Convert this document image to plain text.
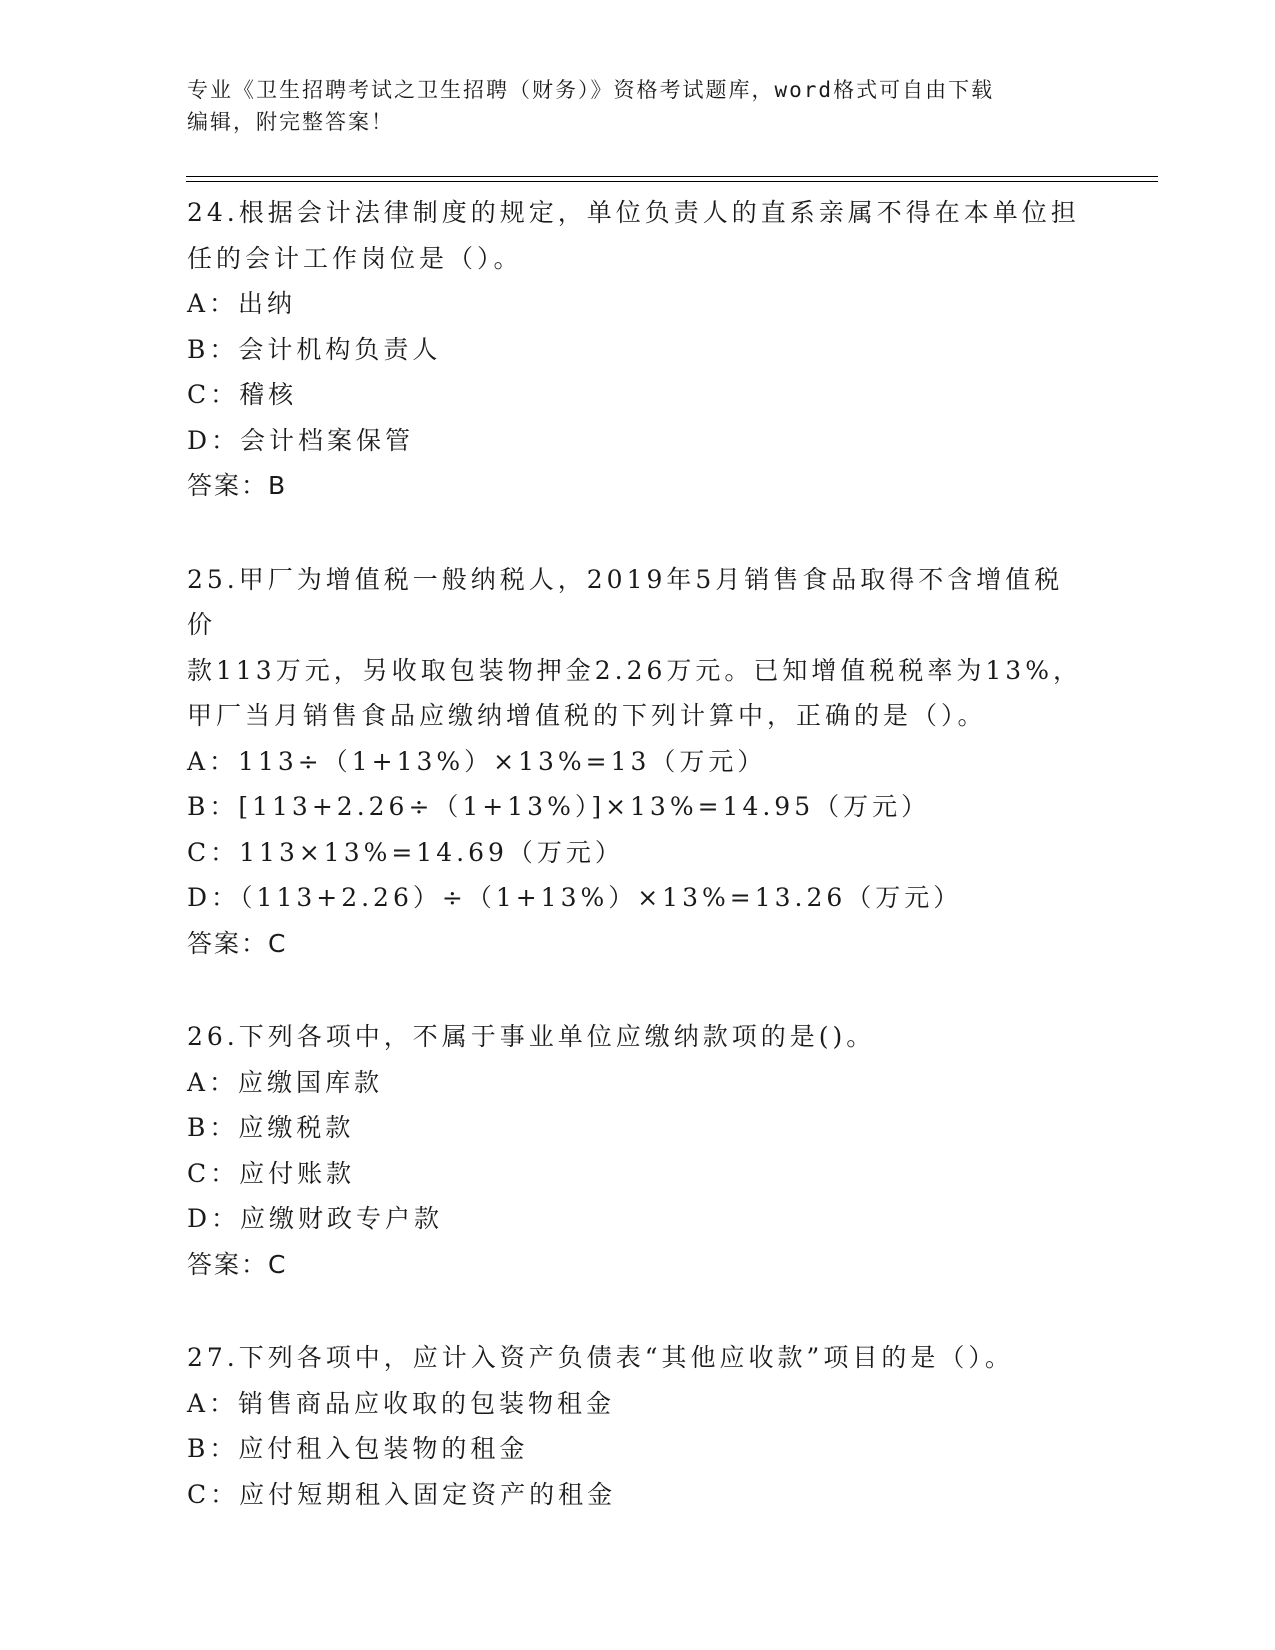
专业《卫生招聘考试之卫生招聘（财务）》资格考试题库，word格式可自由下载
编辑，附完整答案！
24.根据会计法律制度的规定，单位负责人的直系亲属不得在本单位担
任的会计工作岗位是（）。
A：出纳
B：会计机构负责人
C：稽核
D：会计档案保管
答案：B
25.甲厂为增值税一般纳税人，2019年5月销售食品取得不含增值税价
款113万元，另收取包装物押金2.26万元。已知增值税税率为13%，
甲厂当月销售食品应缴纳增值税的下列计算中，正确的是（）。
A：113÷（1+13%）×13%=13（万元）
B：[113+2.26÷（1+13%）]×13%=14.95（万元）
C：113×13%=14.69（万元）
D：（113+2.26）÷（1+13%）×13%=13.26（万元）
答案：C
26.下列各项中，不属于事业单位应缴纳款项的是()。
A：应缴国库款
B：应缴税款
C：应付账款
D：应缴财政专户款
答案：C
27.下列各项中，应计入资产负债表“其他应收款”项目的是（）。
A：销售商品应收取的包装物租金
B：应付租入包装物的租金
C：应付短期租入固定资产的租金
